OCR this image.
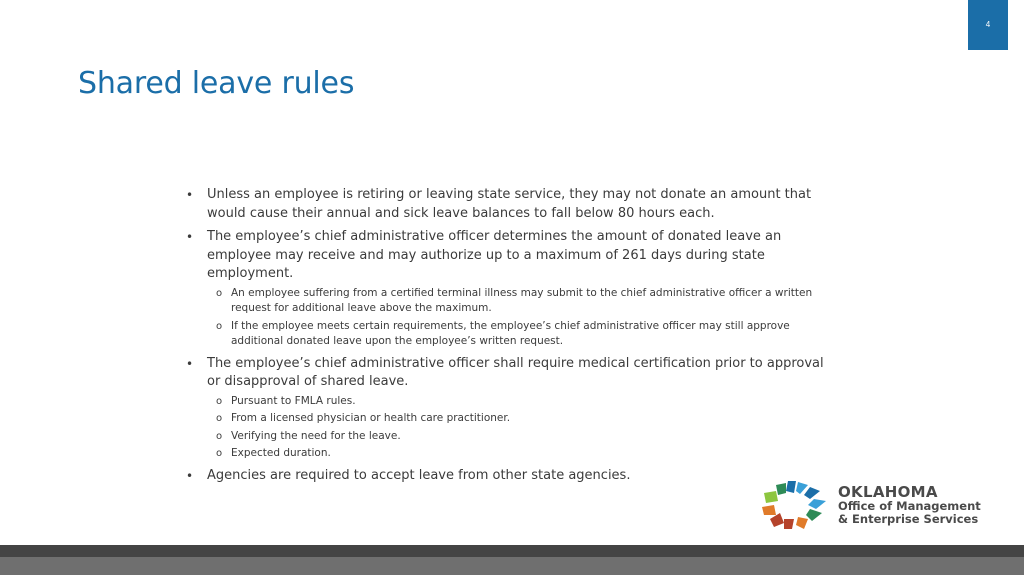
4
Shared leave rules
• Unless an employee is retiring or leaving state service, they may not donate an amount that would cause their annual and sick leave balances to fall below 80 hours each.
• The employee’s chief administrative officer determines the amount of donated leave an employee may receive and may authorize up to a maximum of 261 days during state employment.
o An employee suffering from a certified terminal illness may submit to the chief administrative officer a written request for additional leave above the maximum.
o If the employee meets certain requirements, the employee’s chief administrative officer may still approve additional donated leave upon the employee’s written request.
• The employee’s chief administrative officer shall require medical certification prior to approval or disapproval of shared leave.
o Pursuant to FMLA rules.
o From a licensed physician or health care practitioner.
o Verifying the need for the leave.
o Expected duration.
• Agencies are required to accept leave from other state agencies.
OKLAHOMA
Office of Management
& Enterprise Services
